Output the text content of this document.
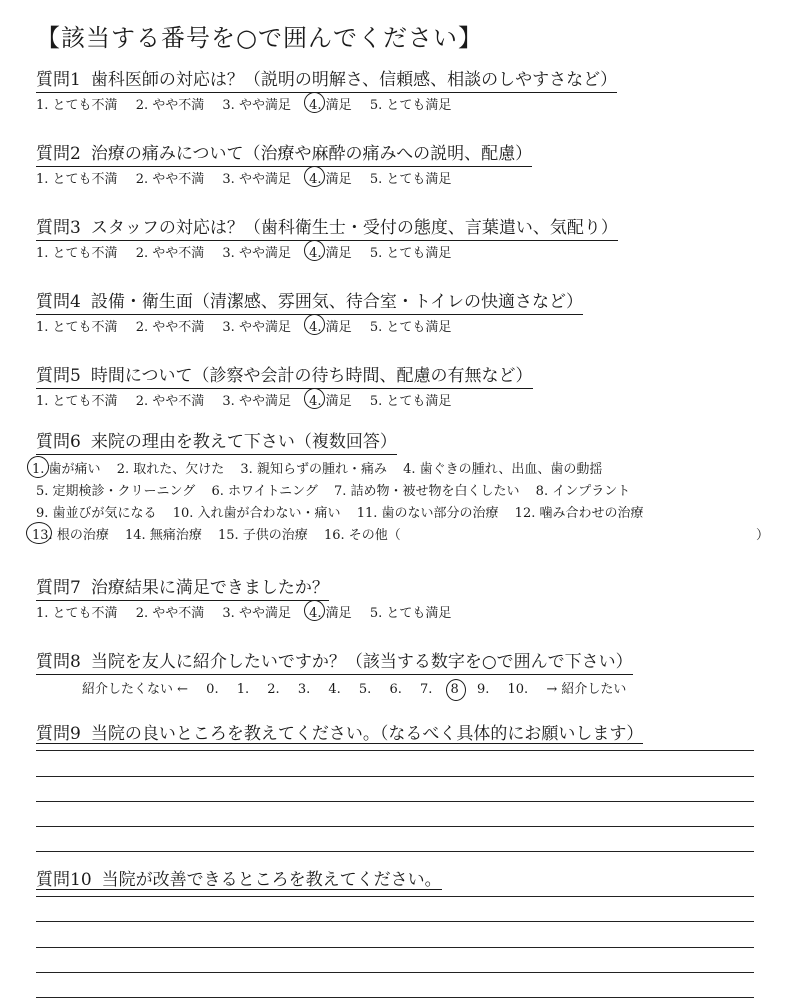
【該当する番号を○で囲んでください】
質問1 歯科医師の対応は？（説明の明解さ、信頼感、相談のしやすさなど）
1. とても不満 2. やや不満 3. やや満足 4. 満足 5. とても満足
質問2 治療の痛みについて（治療や麻酔の痛みへの説明、配慮）
1. とても不満 2. やや不満 3. やや満足 4. 満足 5. とても満足
質問3 スタッフの対応は？（歯科衛生士・受付の態度、言葉遣い、気配り）
1. とても不満 2. やや不満 3. やや満足 4. 満足 5. とても満足
質問4 設備・衛生面（清潔感、雰囲気、待合室・トイレの快適さなど）
1. とても不満 2. やや不満 3. やや満足 4. 満足 5. とても満足
質問5 時間について（診察や会計の待ち時間、配慮の有無など）
1. とても不満 2. やや不満 3. やや満足 4. 満足 5. とても満足
質問6 来院の理由を教えて下さい（複数回答）
1. 歯が痛い 2. 取れた、欠けた 3. 親知らずの腫れ・痛み 4. 歯ぐきの腫れ、出血、歯の動揺
5. 定期検診・クリーニング 6. ホワイトニング 7. 詰め物・被せ物を白くしたい 8. インプラント
9. 歯並びが気になる 10. 入れ歯が合わない・痛い 11. 歯のない部分の治療 12. 噛み合わせの治療
13. 根の治療 14. 無痛治療 15. 子供の治療 16. その他（	）
質問7 治療結果に満足できましたか？
1. とても不満 2. やや不満 3. やや満足 4. 満足 5. とても満足
質問8 当院を友人に紹介したいですか？（該当する数字を○で囲んで下さい）
紹介したくない ← 0. 1. 2. 3. 4. 5. 6. 7. 8 9. 10. → 紹介したい
質問9 当院の良いところを教えてください。（なるべく具体的にお願いします）
質問10 当院が改善できるところを教えてください。
